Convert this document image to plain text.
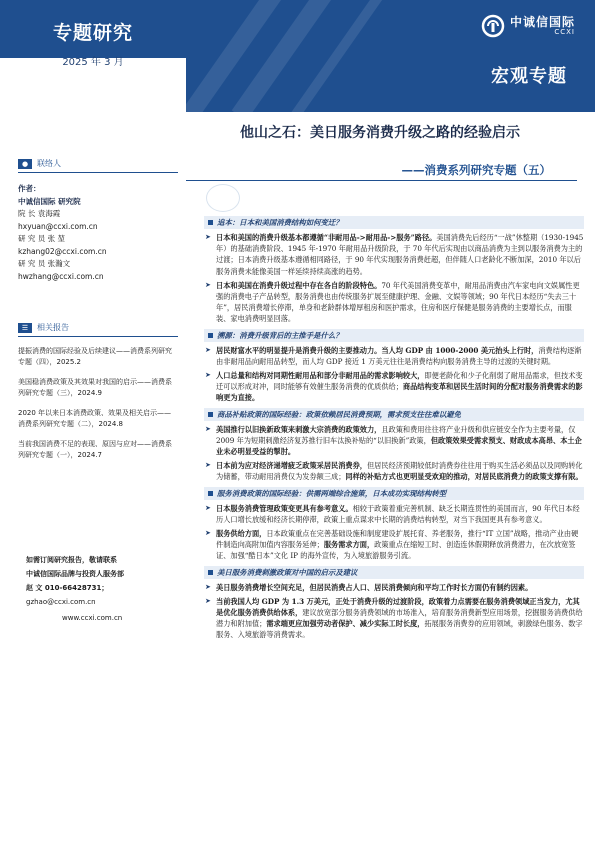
专题研究
2025 年 3 月
中诚信国际
CCXI
宏观专题
他山之石：美日服务消费升级之路的经验启示
——消费系列研究专题（五）
●	联络人
作者：
中诚信国际 研究院
院 长 袁海霞
hxyuan@ccxi.com.cn
研 究 员 张 堃
kzhang02@ccxi.com.cn
研 究 员 张瀚文
hwzhang@ccxi.com.cn
☰	相关报告
提振消费的国际经验及后续建议——消费系列研究专题（四），2025.2
美国稳消费政策及其效果对我国的启示——消费系列研究专题（三），2024.9
2020 年以来日本消费政策、效果及相关启示——消费系列研究专题（二），2024.8
当前我国消费不足的表现、原因与应对——消费系列研究专题（一），2024.7
如需订阅研究报告，敬请联系
中诚信国际品牌与投资人服务部
赵 文 010-66428731；
gzhao@ccxi.com.cn
www.ccxi.com.cn
追本：日本和美国消费结构如何变迁？
➤ 日本和美国的消费升级基本都遵循“非耐用品->耐用品->服务”路径。美国消费先后经历“一战”休整期（1930-1945 年）的基础消费阶段、1945 年-1970 年耐用品升级阶段，于 70 年代后实现由以商品消费为主到以服务消费为主的过渡；日本消费升级基本遵循相同路径，于 90 年代实现服务消费赶超，但伴随人口老龄化不断加深，2010 年以后服务消费未能像美国一样延续持续高涨的趋势。
➤ 日本和美国在消费升级过程中存在各自的阶段特色。70 年代美国消费变革中，耐用品消费由汽车家电向文娱属性更强的消费电子产品转型，服务消费也由传统服务扩展至健康护理、金融、文娱等领域；90 年代日本经历“失去三十年”，居民消费增长停滞，单身和老龄群体增厚租房和医护需求，住房和医疗保健是服务消费的主要增长点，而服装、家电消费明显回落。
溯源：消费升级背后的主推手是什么？
➤ 居民财富水平的明显提升是消费升级的主要推动力。当人均 GDP 由 1000-2000 美元抬头上行时，消费结构逐渐由非耐用品向耐用品转型，而人均 GDP 接近 1 万美元往往是消费结构向服务消费主导的过渡的关键时期。
➤ 人口总量和结构对同期性耐用品和部分非耐用品的需求影响较大，即便老龄化和少子化削弱了耐用品需求，但技术变迁可以形成对冲，同时能够有效催生服务消费的优质供给；商品结构变革和居民生活时间的分配对服务消费需求的影响更为直接。
商品补贴政策的国际经验：政策依赖居民消费预期，需求预支往往难以避免
➤ 美国推行以旧换新政策来刺激大宗消费的政策效力，且政策和费用往往将产业升级和供应链安全作为主要考量，仅 2009 年为短期刺激经济复苏推行旧车汰换补贴的“以旧换新”政策，但政策效果受需求预支、财政成本高昂、本土企业未必明显受益的掣肘。
➤ 日本前为应对经济递增疲乏政策采居民消费券，但居民经济预期较低时消费券往往用于购买生活必须品以及同购转化为储蓄，带动耐用消费仅为发券额三成；同样的补贴方式也更明显受欢迎的推动，对居民底消费力的政策支撑有限。
服务消费政策的国际经验：供需两端综合施策，日本成功实现结构转型
➤ 日本服务消费管理政策变更具有参考意义。相较于政策着重完善机制、缺乏长期连贯性的美国而言，90 年代日本经历人口增长放缓和经济长期停滞，政策上重点谋求中长期的消费结构转型，对当下我国更具有参考意义。
➤ 服务供给方面，日本政策重点在完善基础设施和制度建设扩展托育、养老服务，推行“IT 立国”战略，推动产业由硬件制造向高附加值内容服务延伸；服务需求方面，政策重点在缩短工时、创造连休假期释放消费潜力，在次放宽签证、加强“酷日本”文化 IP 的海外宣传，为入境旅游服务引流。
美日服务消费刺激政策对中国的启示及建议
➤ 美日服务消费增长空间充足，但居民消费占人口、居民消费倾向和平均工作时长方面仍有制约因素。
➤ 当前我国人均 GDP 为 1.3 万美元，正处于消费升级的过渡阶段，政策着力点需要在服务消费领域正当发力，尤其是优化服务消费供给体系，建议放宽部分服务消费领域的市场准入，培育服务消费新型应用场景，挖掘服务消费供给潜力和附加值；需求端更应加强劳动者保护、减少实际工时长度，拓展服务消费券的应用领域，刺激绿色服务、数字服务、入境旅游等消费需求。
